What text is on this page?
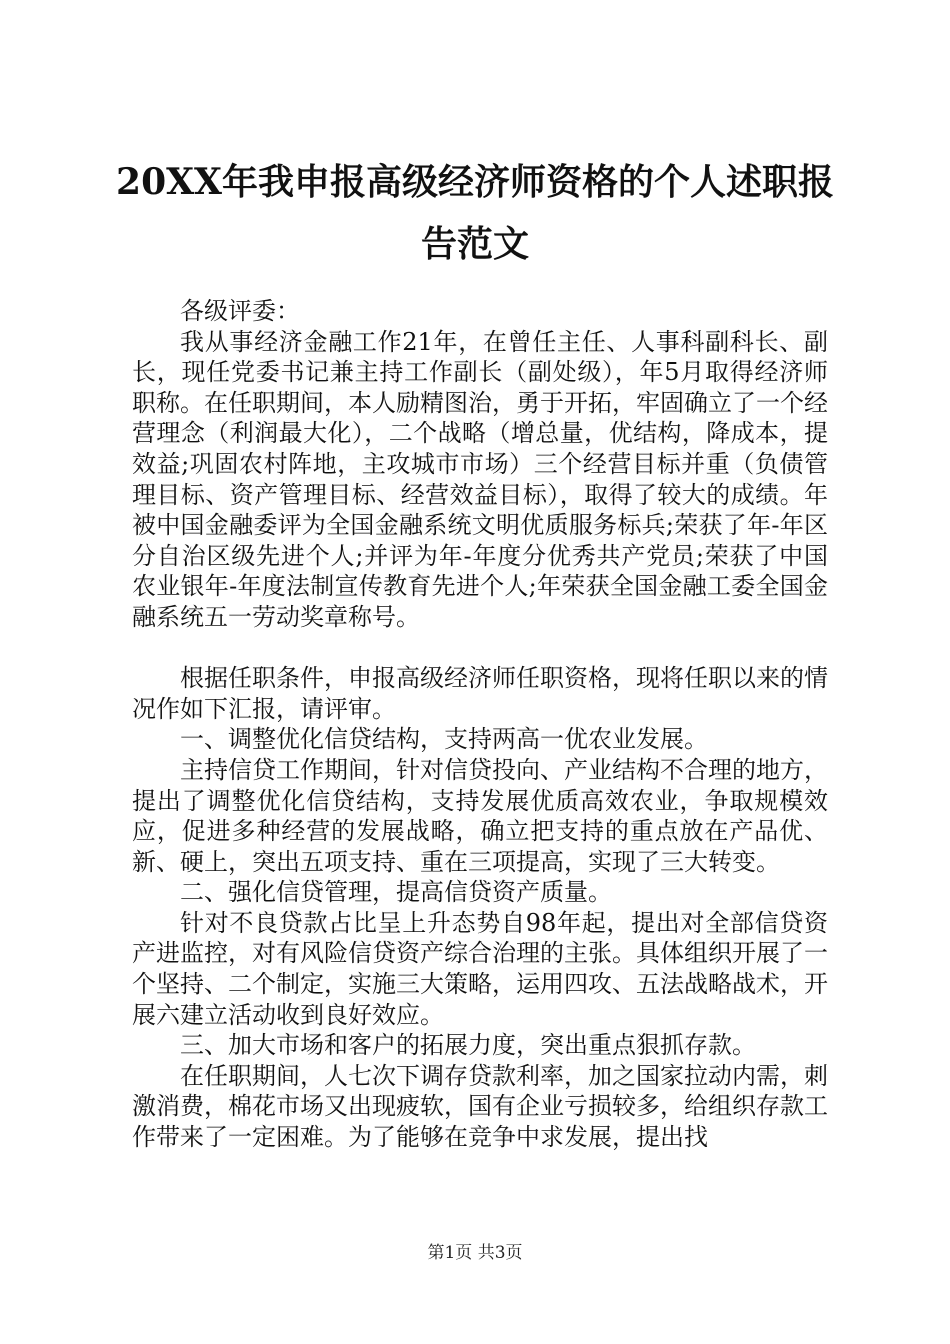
20XX年我申报高级经济师资格的个人述职报
告范文

各级评委：

我从事经济金融工作21年，在曾任主任、人事科副科长、副长，现任党委书记兼主持工作副长（副处级），年5月取得经济师职称。在任职期间，本人励精图治，勇于开拓，牢固确立了一个经营理念（利润最大化），二个战略（增总量，优结构，降成本，提效益;巩固农村阵地，主攻城市市场）三个经营目标并重（负债管理目标、资产管理目标、经营效益目标），取得了较大的成绩。年被中国金融委评为全国金融系统文明优质服务标兵;荣获了年-年区分自治区级先进个人;并评为年-年度分优秀共产党员;荣获了中国农业银年-年度法制宣传教育先进个人;年荣获全国金融工委全国金融系统五一劳动奖章称号。

根据任职条件，申报高级经济师任职资格，现将任职以来的情况作如下汇报，请评审。

一、调整优化信贷结构，支持两高一优农业发展。

主持信贷工作期间，针对信贷投向、产业结构不合理的地方，提出了调整优化信贷结构，支持发展优质高效农业，争取规模效应，促进多种经营的发展战略，确立把支持的重点放在产品优、新、硬上，突出五项支持、重在三项提高，实现了三大转变。

二、强化信贷管理，提高信贷资产质量。

针对不良贷款占比呈上升态势自98年起，提出对全部信贷资产进监控，对有风险信贷资产综合治理的主张。具体组织开展了一个坚持、二个制定，实施三大策略，运用四攻、五法战略战术，开展六建立活动收到良好效应。

三、加大市场和客户的拓展力度，突出重点狠抓存款。

在任职期间，人七次下调存贷款利率，加之国家拉动内需，刺激消费，棉花市场又出现疲软，国有企业亏损较多，给组织存款工作带来了一定困难。为了能够在竞争中求发展，提出找

第1页 共3页
